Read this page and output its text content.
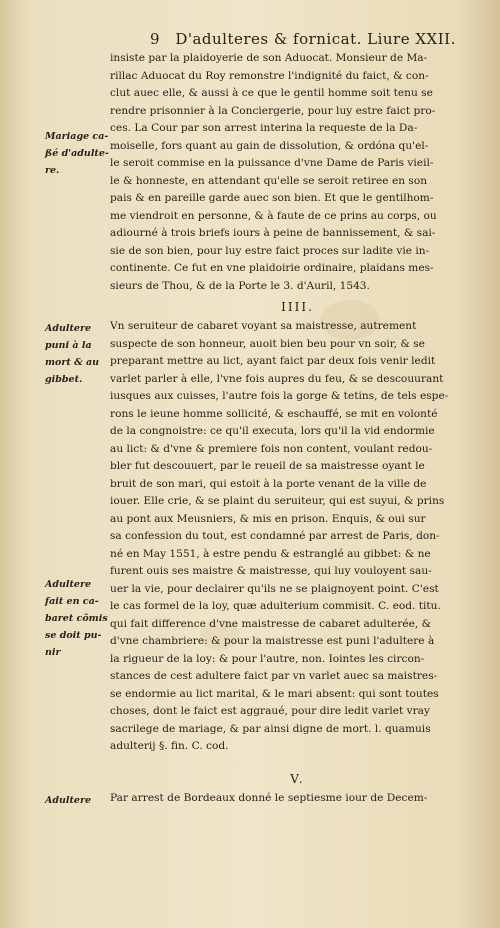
9 D'adulteres & fornicat. Liure XXII.
insiste par la plaidoyerie de son Aduocat. Monsieur de Ma-
rillac Aduocat du Roy remonstre l'indignité du faict, & con-
clut auec elle, & aussi à ce que le gentil homme soit tenu se
rendre prisonnier à la Conciergerie, pour luy estre faict pro-
ces. La Cour par son arrest interina la requeste de la Da-
moiselle, fors quant au gain de dissolution, & ordóna qu'el-
le seroit commise en la puissance d'vne Dame de Paris vieil-
le & honneste, en attendant qu'elle se seroit retiree en son
pais & en pareille garde auec son bien. Et que le gentilhom-
me viendroit en personne, & à faute de ce prins au corps, ou
adiourné à trois briefs iours à peine de bannissement, & sai-
sie de son bien, pour luy estre faict proces sur ladite vie in-
continente. Ce fut en vne plaidoirie ordinaire, plaidans mes-
sieurs de Thou, & de la Porte le 3. d'Auril, 1543.
IIII.
Vn seruiteur de cabaret voyant sa maistresse, autrement
suspecte de son honneur, auoit bien beu pour vn soir, & se
preparant mettre au lict, ayant faict par deux fois venir ledit
varlet parler à elle, l'vne fois aupres du feu, & se descouurant
iusques aux cuisses, l'autre fois la gorge & tetins, de tels espe-
rons le ieune homme sollicité, & eschauffé, se mit en volonté
de la congnoistre: ce qu'il executa, lors qu'il la vid endormie
au lict: & d'vne & premiere fois non content, voulant redou-
bler fut descouuert, par le reueil de sa maistresse oyant le
bruit de son mari, qui estoit à la porte venant de la ville de
iouer. Elle crie, & se plaint du seruiteur, qui est suyui, & prins
au pont aux Meusniers, & mis en prison. Enquis, & oui sur
sa confession du tout, est condamné par arrest de Paris, don-
né en May 1551, à estre pendu & estranglé au gibbet: & ne
furent ouis ses maistre & maistresse, qui luy vouloyent sau-
uer la vie, pour declairer qu'ils ne se plaignoyent point. C'est
le cas formel de la loy, quæ adulterium commisit. C. eod. titu.
qui fait difference d'vne maistresse de cabaret adulterée, &
d'vne chambriere: & pour la maistresse est puni l'adultere à
la rigueur de la loy: & pour l'autre, non. Iointes les circon-
stances de cest adultere faict par vn varlet auec sa maistres-
se endormie au lict marital, & le mari absent: qui sont toutes
choses, dont le faict est aggraué, pour dire ledit varlet vray
sacrilege de mariage, & par ainsi digne de mort. l. quamuis
adulterij §. fin. C. cod.
V.
Par arrest de Bordeaux donné le septiesme iour de Decem-
Mariage ca-
ßé d'adulte-
re.
Adultere
puni à la
mort & au
gibbet.
Adultere
fait en ca-
baret cõmis
se doit pu-
nir
Adultere
